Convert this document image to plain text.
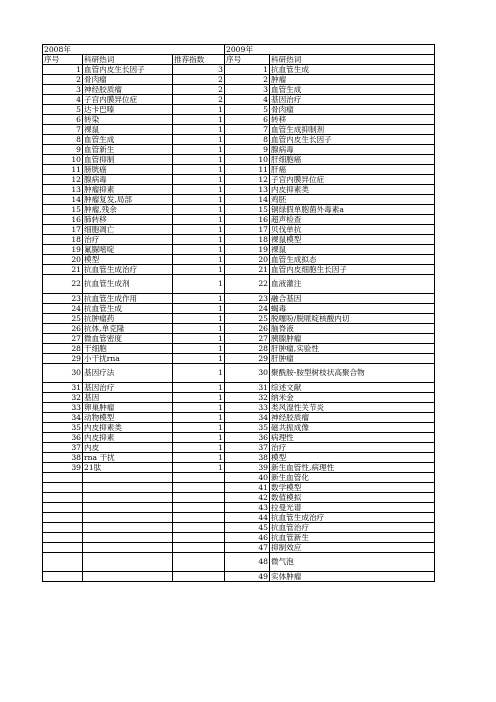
2008年			2009年	
序号	科研热词	推荐指数	序号	科研热词
1	血管内皮生长因子	3	1	抗血管生成
2	骨肉瘤	2	2	肿瘤
3	神经胶质瘤	2	3	血管生成
4	子宫内膜异位症	2	4	基因治疗
5	达卡巴嗪	1	5	骨肉瘤
6	转染	1	6	转移
7	裸鼠	1	7	血管生成抑制剂
8	血管生成	1	8	血管内皮生长因子
9	血管新生	1	9	腺病毒
10	血管抑制	1	10	肝细胞癌
11	膀胱癌	1	11	肝癌
12	腺病毒	1	12	子宫内膜异位症
13	肿瘤抑素	1	13	内皮抑素类
14	肿瘤复发,局部	1	14	鸡胚
15	肿瘤,残余	1	15	铜绿假单胞菌外毒素a
16	肺转移	1	16	超声检查
17	细胞凋亡	1	17	贝伐单抗
18	治疗	1	18	裸鼠模型
19	氟脲嘧啶	1	19	裸鼠
20	模型	1	20	血管生成拟态
21	抗血管生成治疗	1	21	血管内皮细胞生长因子
22	抗血管生成剂	1	22	血液灌注
23	抗血管生成作用	1	23	融合基因
24	抗血管生成	1	24	蝎毒
25	抗肿瘤药	1	25	脱噻吩/脱哌啶核酸内切
26	抗体,单克隆	1	26	脑脊液
27	微血管密度	1	27	胰腺肿瘤
28	干细胞	1	28	肝肿瘤,实验性
29	小干扰rna	1	29	肝肿瘤
30	基因疗法	1	30	聚酰胺-胺型树枝状高聚合物
31	基因治疗	1	31	综述文献
32	基因	1	32	纳米金
33	卵巢肿瘤	1	33	类风湿性关节炎
34	动物模型	1	34	神经胶质瘤
35	内皮抑素类	1	35	磁共振成像
36	内皮抑素	1	36	病理性
37	内皮	1	37	治疗
38	rna 干扰	1	38	模型
39	21肽	1	39	新生血管性,病理性
			40	新生血管化
			41	数学模型
			42	数值模拟
			43	拉曼光谱
			44	抗血管生成治疗
			45	抗血管治疗
			46	抗血管新生
			47	抑制效应
			48	微气泡
			49	实体肿瘤
